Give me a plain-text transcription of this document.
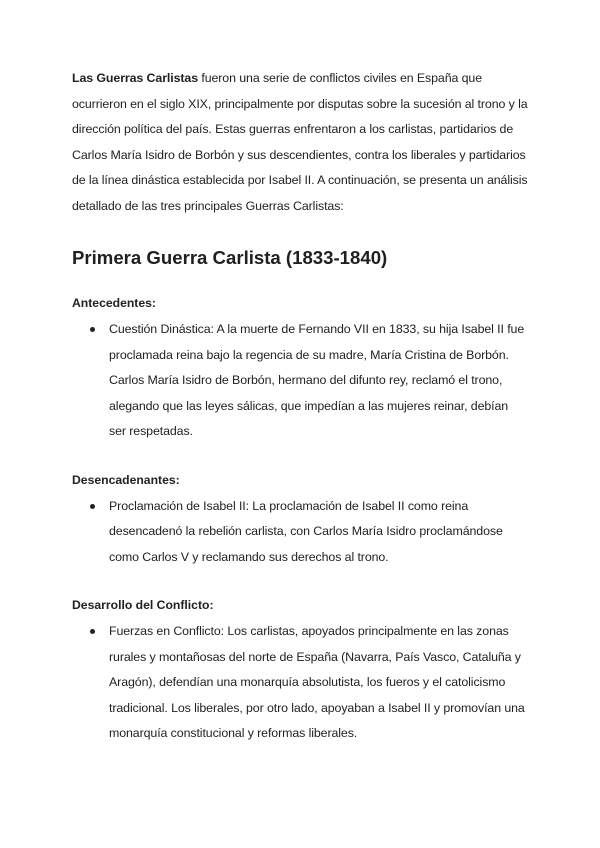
Las Guerras Carlistas fueron una serie de conflictos civiles en España que ocurrieron en el siglo XIX, principalmente por disputas sobre la sucesión al trono y la dirección política del país. Estas guerras enfrentaron a los carlistas, partidarios de Carlos María Isidro de Borbón y sus descendientes, contra los liberales y partidarios de la línea dinástica establecida por Isabel II. A continuación, se presenta un análisis detallado de las tres principales Guerras Carlistas:

Primera Guerra Carlista (1833-1840)
Antecedentes:
Cuestión Dinástica: A la muerte de Fernando VII en 1833, su hija Isabel II fue proclamada reina bajo la regencia de su madre, María Cristina de Borbón. Carlos María Isidro de Borbón, hermano del difunto rey, reclamó el trono, alegando que las leyes sálicas, que impedían a las mujeres reinar, debían ser respetadas.
Desencadenantes:
Proclamación de Isabel II: La proclamación de Isabel II como reina desencadenó la rebelión carlista, con Carlos María Isidro proclamándose como Carlos V y reclamando sus derechos al trono.
Desarrollo del Conflicto:
Fuerzas en Conflicto: Los carlistas, apoyados principalmente en las zonas rurales y montañosas del norte de España (Navarra, País Vasco, Cataluña y Aragón), defendían una monarquía absolutista, los fueros y el catolicismo tradicional. Los liberales, por otro lado, apoyaban a Isabel II y promovían una monarquía constitucional y reformas liberales.
